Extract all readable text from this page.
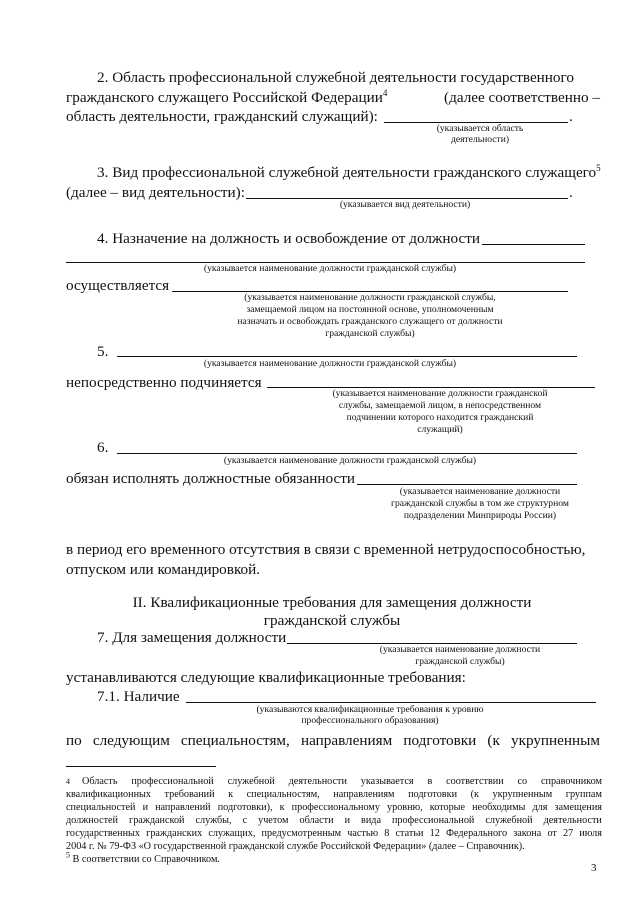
2. Область профессиональной служебной деятельности государственного
гражданского служащего Российской Федерации$^4$	(далее соответственно –
область деятельности, гражданский служащий):	.
(указывается область
деятельности)
3. Вид профессиональной служебной деятельности гражданского служащего$^5$
(далее – вид деятельности):	.
(указывается вид деятельности)
4. Назначение на должность и освобождение от должности
(указывается наименование должности гражданской службы)
осуществляется
(указывается наименование должности гражданской службы,
замещаемой лицом на постоянной основе, уполномоченным
назначать и освобождать гражданского служащего от должности
гражданской службы)
5.
(указывается наименование должности гражданской службы)
непосредственно подчиняется
(указывается наименование должности гражданской
службы, замещаемой лицом, в непосредственном
подчинении которого находится гражданский
служащий)
6.
(указывается наименование должности гражданской службы)
обязан исполнять должностные обязанности
(указывается наименование должности
гражданской службы в том же структурном
подразделении Минприроды России)
в период его временного отсутствия в связи с временной нетрудоспособностью,
отпуском или командировкой.
II. Квалификационные требования для замещения должности
гражданской службы
7. Для замещения должности
(указывается наименование должности
гражданской службы)
устанавливаются следующие квалификационные требования:
7.1. Наличие
(указываются квалификационные требования к уровню
профессионального образования)
по следующим специальностям, направлениям подготовки (к укрупненным
4 Область профессиональной служебной деятельности указывается в соответствии со справочником
квалификационных требований к специальностям, направлениям подготовки (к укрупненным группам
специальностей и направлений подготовки), к профессиональному уровню, которые необходимы для замещения
должностей гражданской службы, с учетом области и вида профессиональной служебной деятельности
государственных гражданских служащих, предусмотренным частью 8 статьи 12 Федерального закона от 27 июля
2004 г. № 79-ФЗ «О государственной гражданской службе Российской Федерации» (далее – Справочник).
$^5$ В соответствии со Справочником.
3
